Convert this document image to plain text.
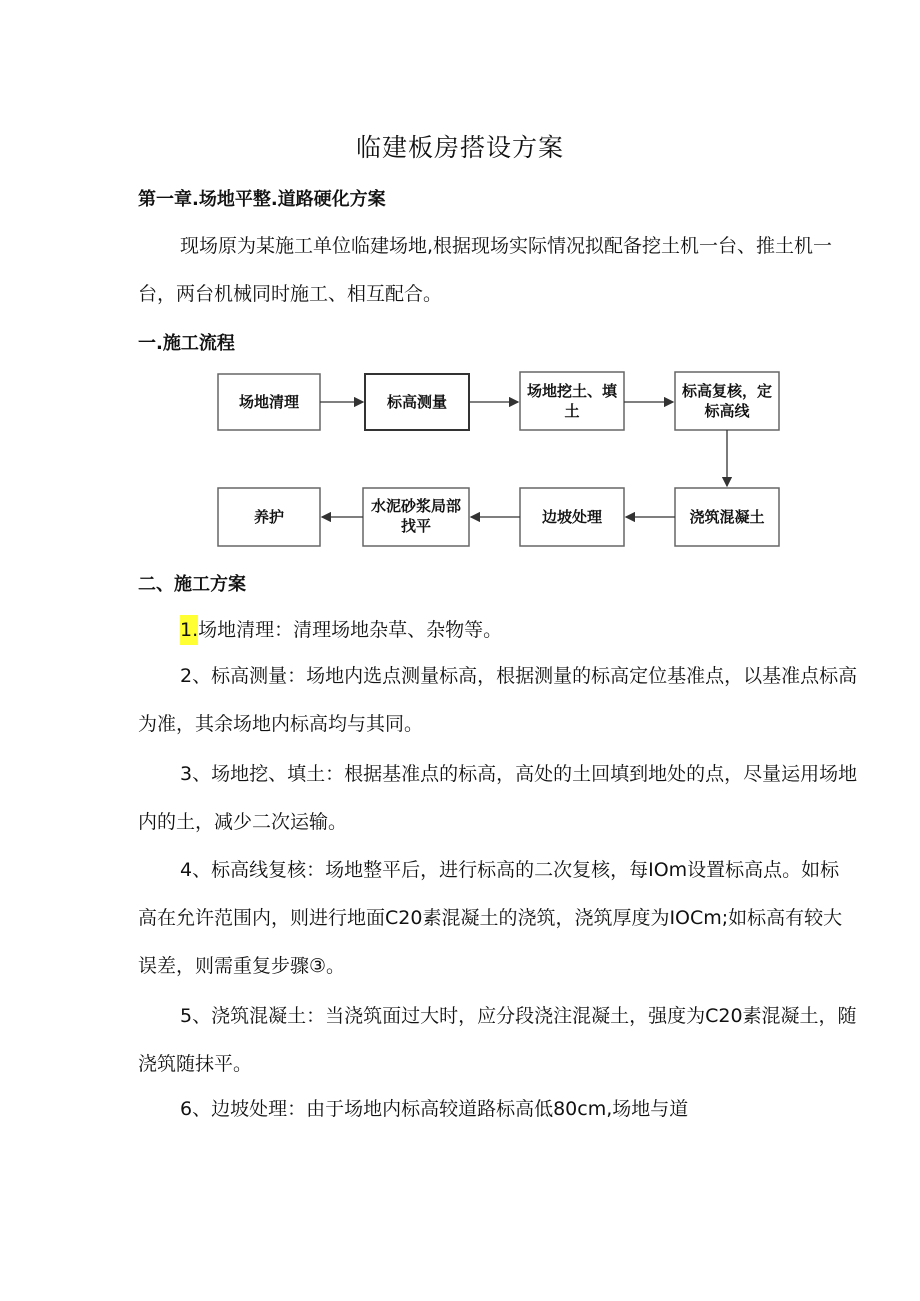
临建板房搭设方案
第一章.场地平整.道路硬化方案
现场原为某施工单位临建场地,根据现场实际情况拟配备挖土机一台、推土机一台，两台机械同时施工、相互配合。
一.施工流程
场地清理	标高测量
场地挖土、填
土
标高复核，定
标高线
养护
水泥砂浆局部
找平	边坡处理	浇筑混凝土
二、施工方案
1.场地清理：清理场地杂草、杂物等。
2、标高测量：场地内选点测量标高，根据测量的标高定位基准点，以基准点标高为准，其余场地内标高均与其同。
3、场地挖、填土：根据基准点的标高，高处的土回填到地处的点，尽量运用场地内的土，减少二次运输。
4、标高线复核：场地整平后，进行标高的二次复核，每IOm设置标高点。如标高在允许范围内，则进行地面C20素混凝土的浇筑，浇筑厚度为IOCm;如标高有较大误差，则需重复步骤③。
5、浇筑混凝土：当浇筑面过大时，应分段浇注混凝土，强度为C20素混凝土，随浇筑随抹平。
6、边坡处理：由于场地内标高较道路标高低80cm,场地与道
